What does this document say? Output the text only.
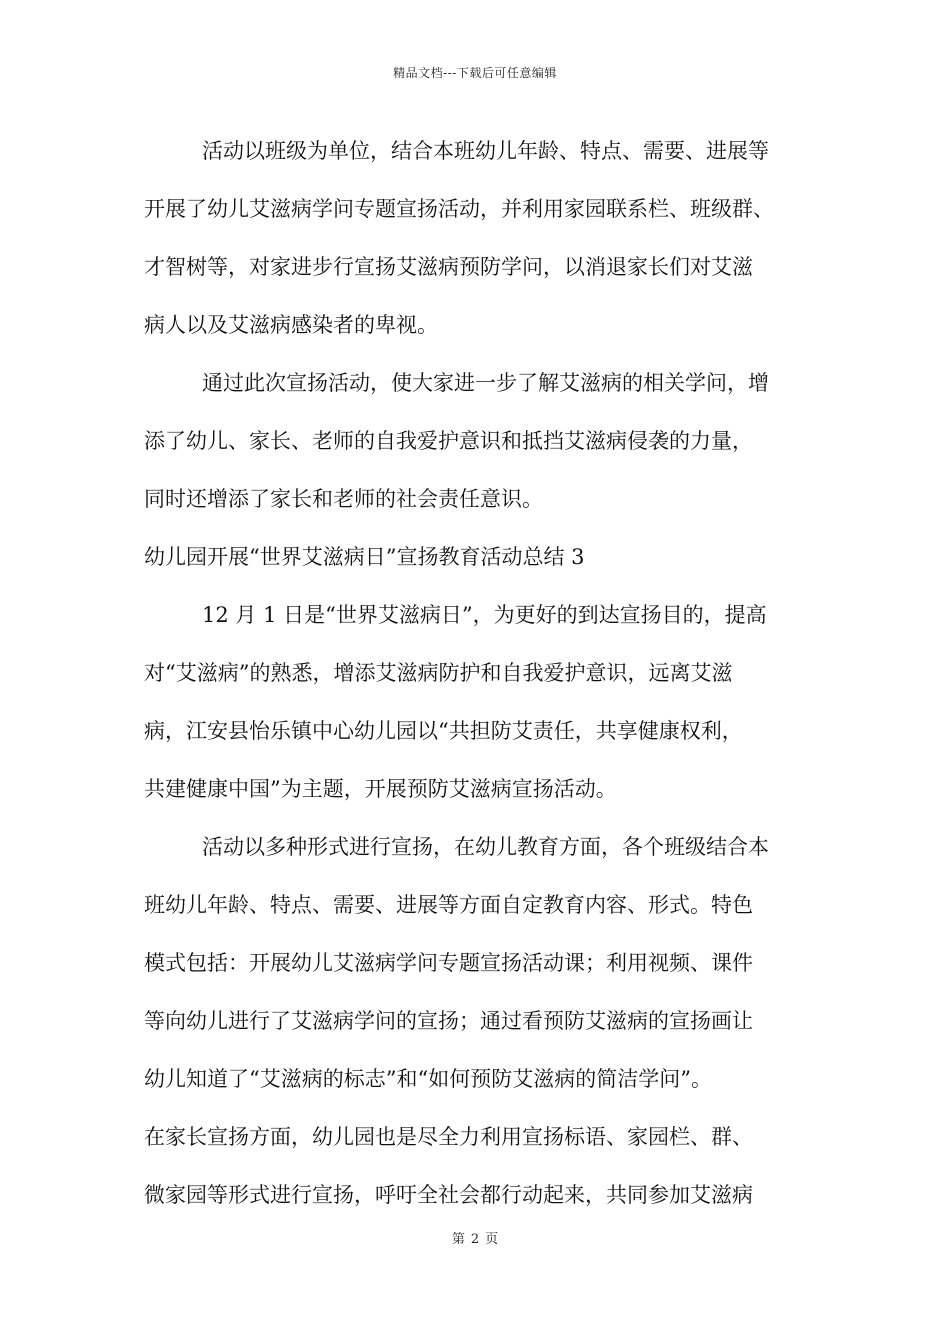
精品文档---下载后可任意编辑
活动以班级为单位，结合本班幼儿年龄、特点、需要、进展等
开展了幼儿艾滋病学问专题宣扬活动，并利用家园联系栏、班级群、
才智树等，对家进步行宣扬艾滋病预防学问，以消退家长们对艾滋
病人以及艾滋病感染者的卑视。
通过此次宣扬活动，使大家进一步了解艾滋病的相关学问，增
添了幼儿、家长、老师的自我爱护意识和抵挡艾滋病侵袭的力量，
同时还增添了家长和老师的社会责任意识。
幼儿园开展“世界艾滋病日”宣扬教育活动总结 3
12 月 1 日是“世界艾滋病日”，为更好的到达宣扬目的，提高
对“艾滋病”的熟悉，增添艾滋病防护和自我爱护意识，远离艾滋
病，江安县怡乐镇中心幼儿园以“共担防艾责任，共享健康权利，
共建健康中国”为主题，开展预防艾滋病宣扬活动。
活动以多种形式进行宣扬，在幼儿教育方面，各个班级结合本
班幼儿年龄、特点、需要、进展等方面自定教育内容、形式。特色
模式包括：开展幼儿艾滋病学问专题宣扬活动课；利用视频、课件
等向幼儿进行了艾滋病学问的宣扬；通过看预防艾滋病的宣扬画让
幼儿知道了“艾滋病的标志”和“如何预防艾滋病的简洁学问”。
在家长宣扬方面，幼儿园也是尽全力利用宣扬标语、家园栏、群、
微家园等形式进行宣扬，呼吁全社会都行动起来，共同参加艾滋病
第 2 页
